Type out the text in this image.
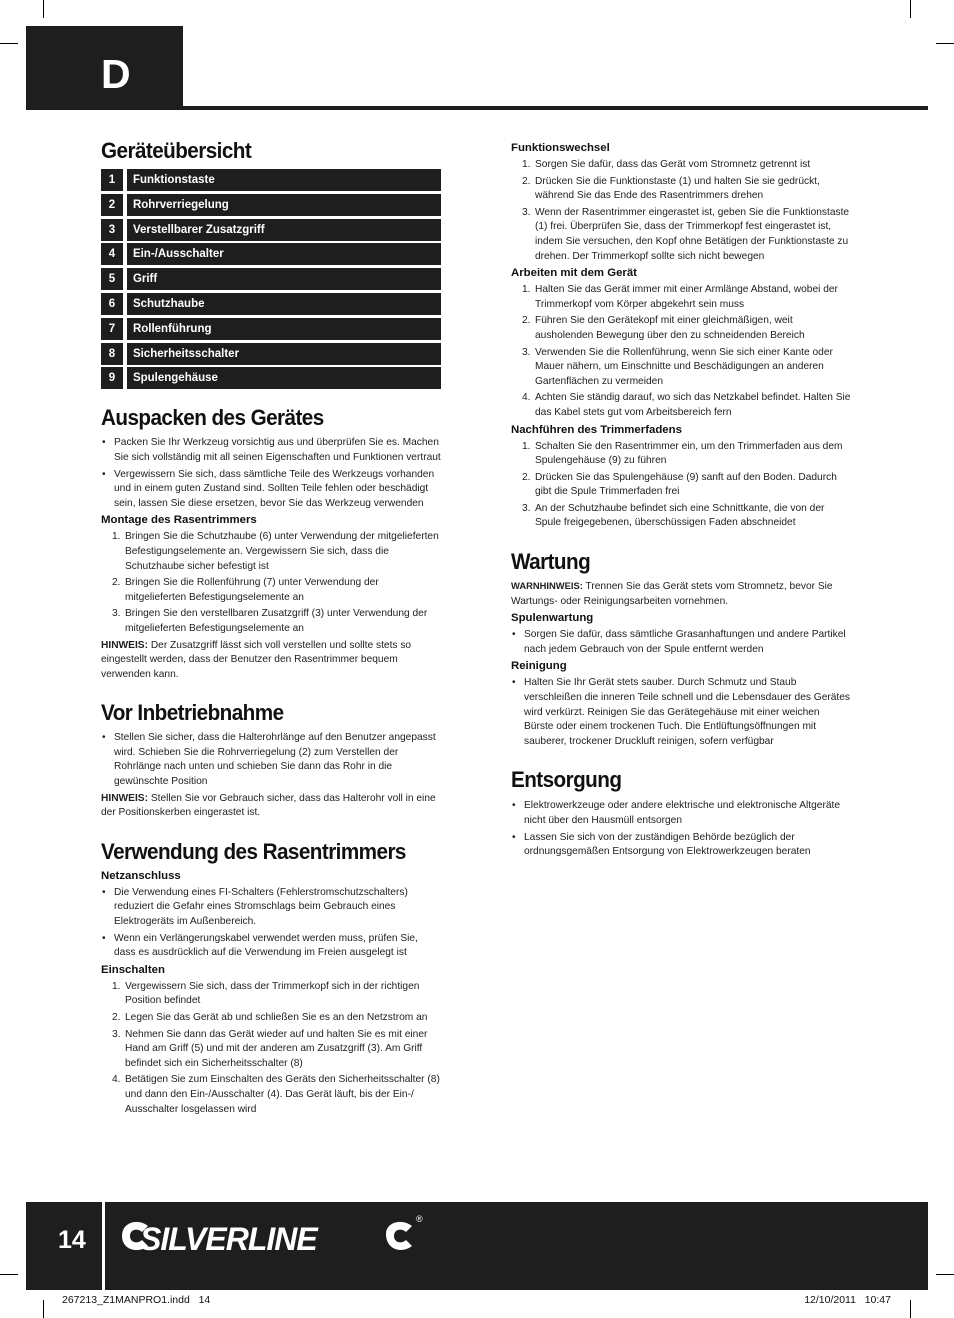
D
Geräteübersicht
1	Funktionstaste
2	Rohrverriegelung
3	Verstellbarer Zusatzgriff
4	Ein-/Ausschalter
5	Griff
6	Schutzhaube
7	Rollenführung
8	Sicherheitsschalter
9	Spulengehäuse
Auspacken des Gerätes
• Packen Sie Ihr Werkzeug vorsichtig aus und überprüfen Sie es. Machen Sie sich vollständig mit all seinen Eigenschaften und Funktionen vertraut
• Vergewissern Sie sich, dass sämtliche Teile des Werkzeugs vorhanden und in einem guten Zustand sind. Sollten Teile fehlen oder beschädigt sein, lassen Sie diese ersetzen, bevor Sie das Werkzeug verwenden
Montage des Rasentrimmers
1. Bringen Sie die Schutzhaube (6) unter Verwendung der mitgelieferten Befestigungselemente an. Vergewissern Sie sich, dass die Schutzhaube sicher befestigt ist
2. Bringen Sie die Rollenführung (7) unter Verwendung der mitgelieferten Befestigungselemente an
3. Bringen Sie den verstellbaren Zusatzgriff (3) unter Verwendung der mitgelieferten Befestigungselemente an

HINWEIS: Der Zusatzgriff lässt sich voll verstellen und sollte stets so eingestellt werden, dass der Benutzer den Rasentrimmer bequem verwenden kann.

Vor Inbetriebnahme
• Stellen Sie sicher, dass die Halterohrlänge auf den Benutzer angepasst wird. Schieben Sie die Rohrverriegelung (2) zum Verstellen der Rohrlänge nach unten und schieben Sie dann das Rohr in die gewünschte Position

HINWEIS: Stellen Sie vor Gebrauch sicher, dass das Halterohr voll in eine der Positionskerben eingerastet ist.

Verwendung des Rasentrimmers
Netzanschluss
• Die Verwendung eines FI-Schalters (Fehlerstromschutzschalters) reduziert die Gefahr eines Stromschlags beim Gebrauch eines Elektrogeräts im Außenbereich.
• Wenn ein Verlängerungskabel verwendet werden muss, prüfen Sie, dass es ausdrücklich auf die Verwendung im Freien ausgelegt ist
Einschalten
1. Vergewissern Sie sich, dass der Trimmerkopf sich in der richtigen Position befindet
2. Legen Sie das Gerät ab und schließen Sie es an den Netzstrom an
3. Nehmen Sie dann das Gerät wieder auf und halten Sie es mit einer Hand am Griff (5) und mit der anderen am Zusatzgriff (3). Am Griff befindet sich ein Sicherheitsschalter (8)
4. Betätigen Sie zum Einschalten des Geräts den Sicherheitsschalter (8) und dann den Ein-/Ausschalter (4). Das Gerät läuft, bis der Ein-/ Ausschalter losgelassen wird
Funktionswechsel
1. Sorgen Sie dafür, dass das Gerät vom Stromnetz getrennt ist
2. Drücken Sie die Funktionstaste (1) und halten Sie sie gedrückt, während Sie das Ende des Rasentrimmers drehen
3. Wenn der Rasentrimmer eingerastet ist, geben Sie die Funktionstaste (1) frei. Überprüfen Sie, dass der Trimmerkopf fest eingerastet ist, indem Sie versuchen, den Kopf ohne Betätigen der Funktionstaste zu drehen. Der Trimmerkopf sollte sich nicht bewegen
Arbeiten mit dem Gerät
1. Halten Sie das Gerät immer mit einer Armlänge Abstand, wobei der Trimmerkopf vom Körper abgekehrt sein muss
2. Führen Sie den Gerätekopf mit einer gleichmäßigen, weit ausholenden Bewegung über den zu schneidenden Bereich
3. Verwenden Sie die Rollenführung, wenn Sie sich einer Kante oder Mauer nähern, um Einschnitte und Beschädigungen an anderen Gartenflächen zu vermeiden
4. Achten Sie ständig darauf, wo sich das Netzkabel befindet. Halten Sie das Kabel stets gut vom Arbeitsbereich fern
Nachführen des Trimmerfadens
1. Schalten Sie den Rasentrimmer ein, um den Trimmerfaden aus dem Spulengehäuse (9) zu führen
2. Drücken Sie das Spulengehäuse (9) sanft auf den Boden. Dadurch gibt die Spule Trimmerfaden frei
3. An der Schutzhaube befindet sich eine Schnittkante, die von der Spule freigegebenen, überschüssigen Faden abschneidet
Wartung

WARNHINWEIS: Trennen Sie das Gerät stets vom Stromnetz, bevor Sie Wartungs- oder Reinigungsarbeiten vornehmen.

Spulenwartung
• Sorgen Sie dafür, dass sämtliche Grasanhaftungen und andere Partikel nach jedem Gebrauch von der Spule entfernt werden
Reinigung
• Halten Sie Ihr Gerät stets sauber. Durch Schmutz und Staub verschleißen die inneren Teile schnell und die Lebensdauer des Gerätes wird verkürzt. Reinigen Sie das Gerätegehäuse mit einer weichen Bürste oder einem trockenen Tuch. Die Entlüftungsöffnungen mit sauberer, trockener Druckluft reinigen, sofern verfügbar
Entsorgung
• Elektrowerkzeuge oder andere elektrische und elektronische Altgeräte nicht über den Hausmüll entsorgen
• Lassen Sie sich von der zuständigen Behörde bezüglich der ordnungsgemäßen Entsorgung von Elektrowerkzeugen beraten
14 SILVERLINE
®
267213_Z1MANPRO1.indd   14	12/10/2011   10:47
